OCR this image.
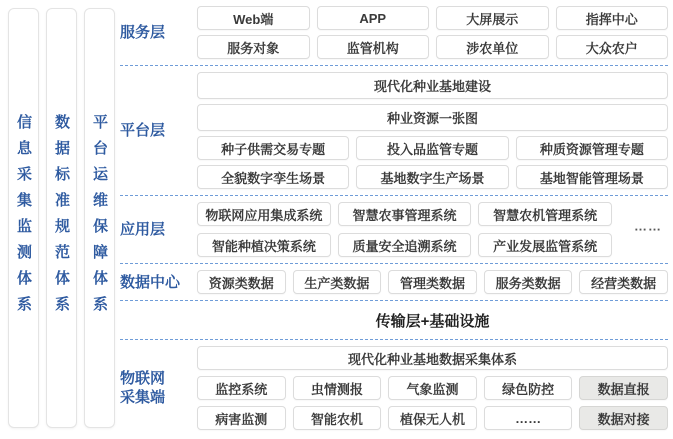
信息采集监测体系 数据标准规范体系 平台运维保障体系
服务层
Web端	APP	大屏展示	指挥中心
服务对象	监管机构	涉农单位	大众农户
平台层
现代化种业基地建设
种业资源一张图
种子供需交易专题	投入品监管专题	种质资源管理专题
全貌数字孪生场景	基地数字生产场景	基地智能管理场景
应用层
物联网应用集成系统	智慧农事管理系统	智慧农机管理系统
智能种植决策系统	质量安全追溯系统	产业发展监管系统
……
数据中心	资源类数据	生产类数据	管理类数据	服务类数据	经营类数据
传输层+基础设施
物联网
采集端
现代化种业基地数据采集体系
监控系统	虫情测报	气象监测	绿色防控	数据直报
病害监测	智能农机	植保无人机	……	数据对接
